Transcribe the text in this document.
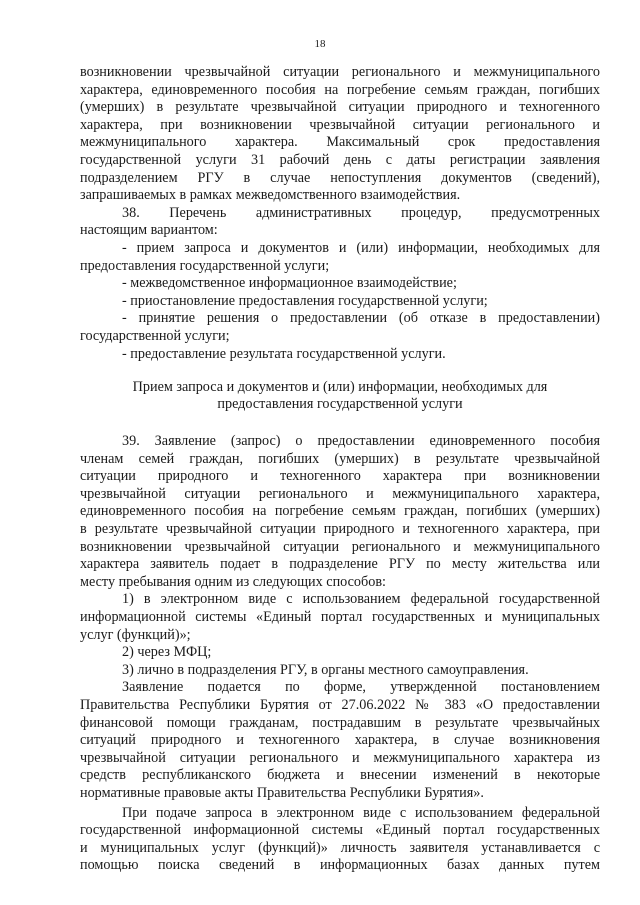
18

возникновении чрезвычайной ситуации регионального и межмуниципального

характера, единовременного пособия на погребение семьям граждан, погибших

(умерших) в результате чрезвычайной ситуации природного и техногенного

характера, при возникновении чрезвычайной ситуации регионального и

межмуниципального характера. Максимальный срок предоставления

государственной услуги 31 рабочий день с даты регистрации заявления

подразделением РГУ в случае непоступления документов (сведений),

запрашиваемых в рамках межведомственного взаимодействия.

38. Перечень административных процедур, предусмотренных

настоящим вариантом:

- прием запроса и документов и (или) информации, необходимых для

предоставления государственной услуги;

- межведомственное информационное взаимодействие;

- приостановление предоставления государственной услуги;

- принятие решения о предоставлении (об отказе в предоставлении)

государственной услуги;

- предоставление результата государственной услуги.

Прием запроса и документов и (или) информации, необходимых для

предоставления государственной услуги

39. Заявление (запрос) о предоставлении единовременного пособия

членам семей граждан, погибших (умерших) в результате чрезвычайной

ситуации природного и техногенного характера при возникновении

чрезвычайной ситуации регионального и межмуниципального характера,

единовременного пособия на погребение семьям граждан, погибших (умерших)

в результате чрезвычайной ситуации природного и техногенного характера, при

возникновении чрезвычайной ситуации регионального и межмуниципального

характера заявитель подает в подразделение РГУ по месту жительства или

месту пребывания одним из следующих способов:

1) в электронном виде с использованием федеральной государственной

информационной системы «Единый портал государственных и муниципальных

услуг (функций)»;

2) через МФЦ;

3) лично в подразделения РГУ, в органы местного самоуправления.

Заявление подается по форме, утвержденной постановлением

Правительства Республики Бурятия от 27.06.2022 № 383 «О предоставлении

финансовой помощи гражданам, пострадавшим в результате чрезвычайных

ситуаций природного и техногенного характера, в случае возникновения

чрезвычайной ситуации регионального и межмуниципального характера из

средств республиканского бюджета и внесении изменений в некоторые

нормативные правовые акты Правительства Республики Бурятия».

При подаче запроса в электронном виде с использованием федеральной

государственной информационной системы «Единый портал государственных

и муниципальных услуг (функций)» личность заявителя устанавливается с

помощью поиска сведений в информационных базах данных путем
